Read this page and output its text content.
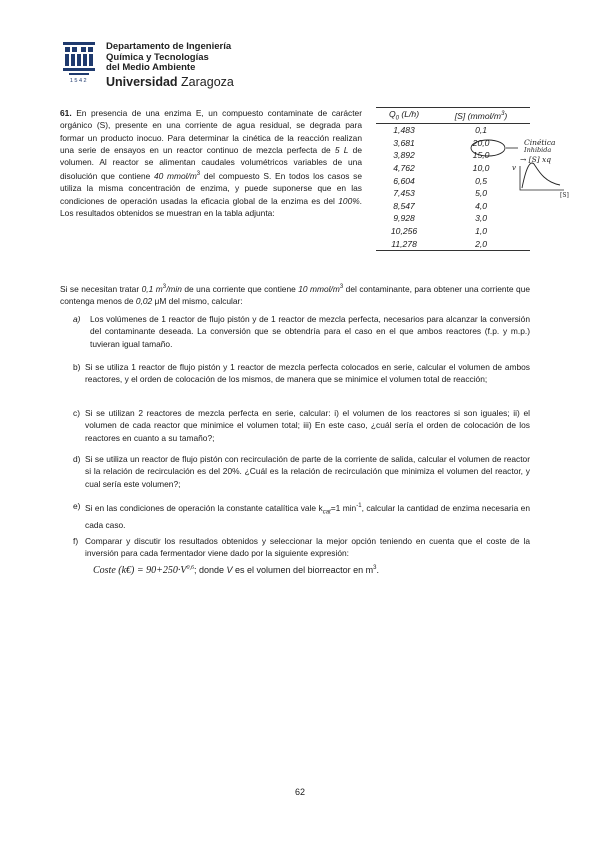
1542
Departamento de Ingeniería
Química y Tecnologías
del Medio Ambiente
Universidad Zaragoza
61. En presencia de una enzima E, un compuesto contaminate de carácter orgánico (S), presente en una corriente de agua residual, se degrada para formar un producto inocuo. Para determinar la cinética de la reacción realizan una serie de ensayos en un reactor continuo de mezcla perfecta de 5 L de volumen. Al reactor se alimentan caudales volumétricos variables de una disolución que contiene 40 mmol/$m^3$ del compuesto S. En todos los casos se utiliza la misma concentración de enzima, y puede suponerse que en las condiciones de operación usadas la eficacia global de la enzima es del 100%. Los resultados obtenidos se muestran en la tabla adjunta:
$Q_0$ (L/h)	[S] $(mmol/m^3)$
1,483	0,1
3,681	20,0
3,892	15,0
4,762	10,0
6,604	0,5
7,453	5,0
8,547	4,0
9,928	3,0
10,256	1,0
11,278	2,0
Cinética
Inhibida
→ [S] xq
v
[S]
Si se necesitan tratar 0,1 $m^3/\min$ de una corriente que contiene 10 mmol/$m^3$ del contaminante, para obtener una corriente que contenga menos de 0,02 μM del mismo, calcular:
a)	Los volúmenes de 1 reactor de flujo pistón y de 1 reactor de mezcla perfecta, necesarios para alcanzar la conversión del contaminante deseada. La conversión que se obtendría para el caso en el que ambos reactores (f.p. y m.p.) tuvieran igual tamaño.
b) Si se utiliza 1 reactor de flujo pistón y 1 reactor de mezcla perfecta colocados en serie, calcular el volumen de ambos reactores, y el orden de colocación de los mismos, de manera que se minimice el volumen total de reacción;
c) Si se utilizan 2 reactores de mezcla perfecta en serie, calcular: i) el volumen de los reactores si son iguales; ii) el volumen de cada reactor que minimice el volumen total; iii) En este caso, ¿cuál sería el orden de colocación de los reactores en cuanto a su tamaño?;
d) Si se utiliza un reactor de flujo pistón con recirculación de parte de la corriente de salida, calcular el volumen de reactor si la relación de recirculación es del 20%. ¿Cuál es la relación de recirculación que minimiza el volumen del reactor, y cual sería este volumen?;
e) Si en las condiciones de operación la constante catalítica vale $k_{cat}=1$ $\min^{-1}$, calcular la cantidad de enzima necesaria en cada caso.
f) Comparar y discutir los resultados obtenidos y seleccionar la mejor opción teniendo en cuenta que el coste de la inversión para cada fermentador viene dado por la siguiente expresión:
Coste (k€) = $90+250\cdot V^{0,6}$; donde V es el volumen del biorreactor en $m^3$.
62
